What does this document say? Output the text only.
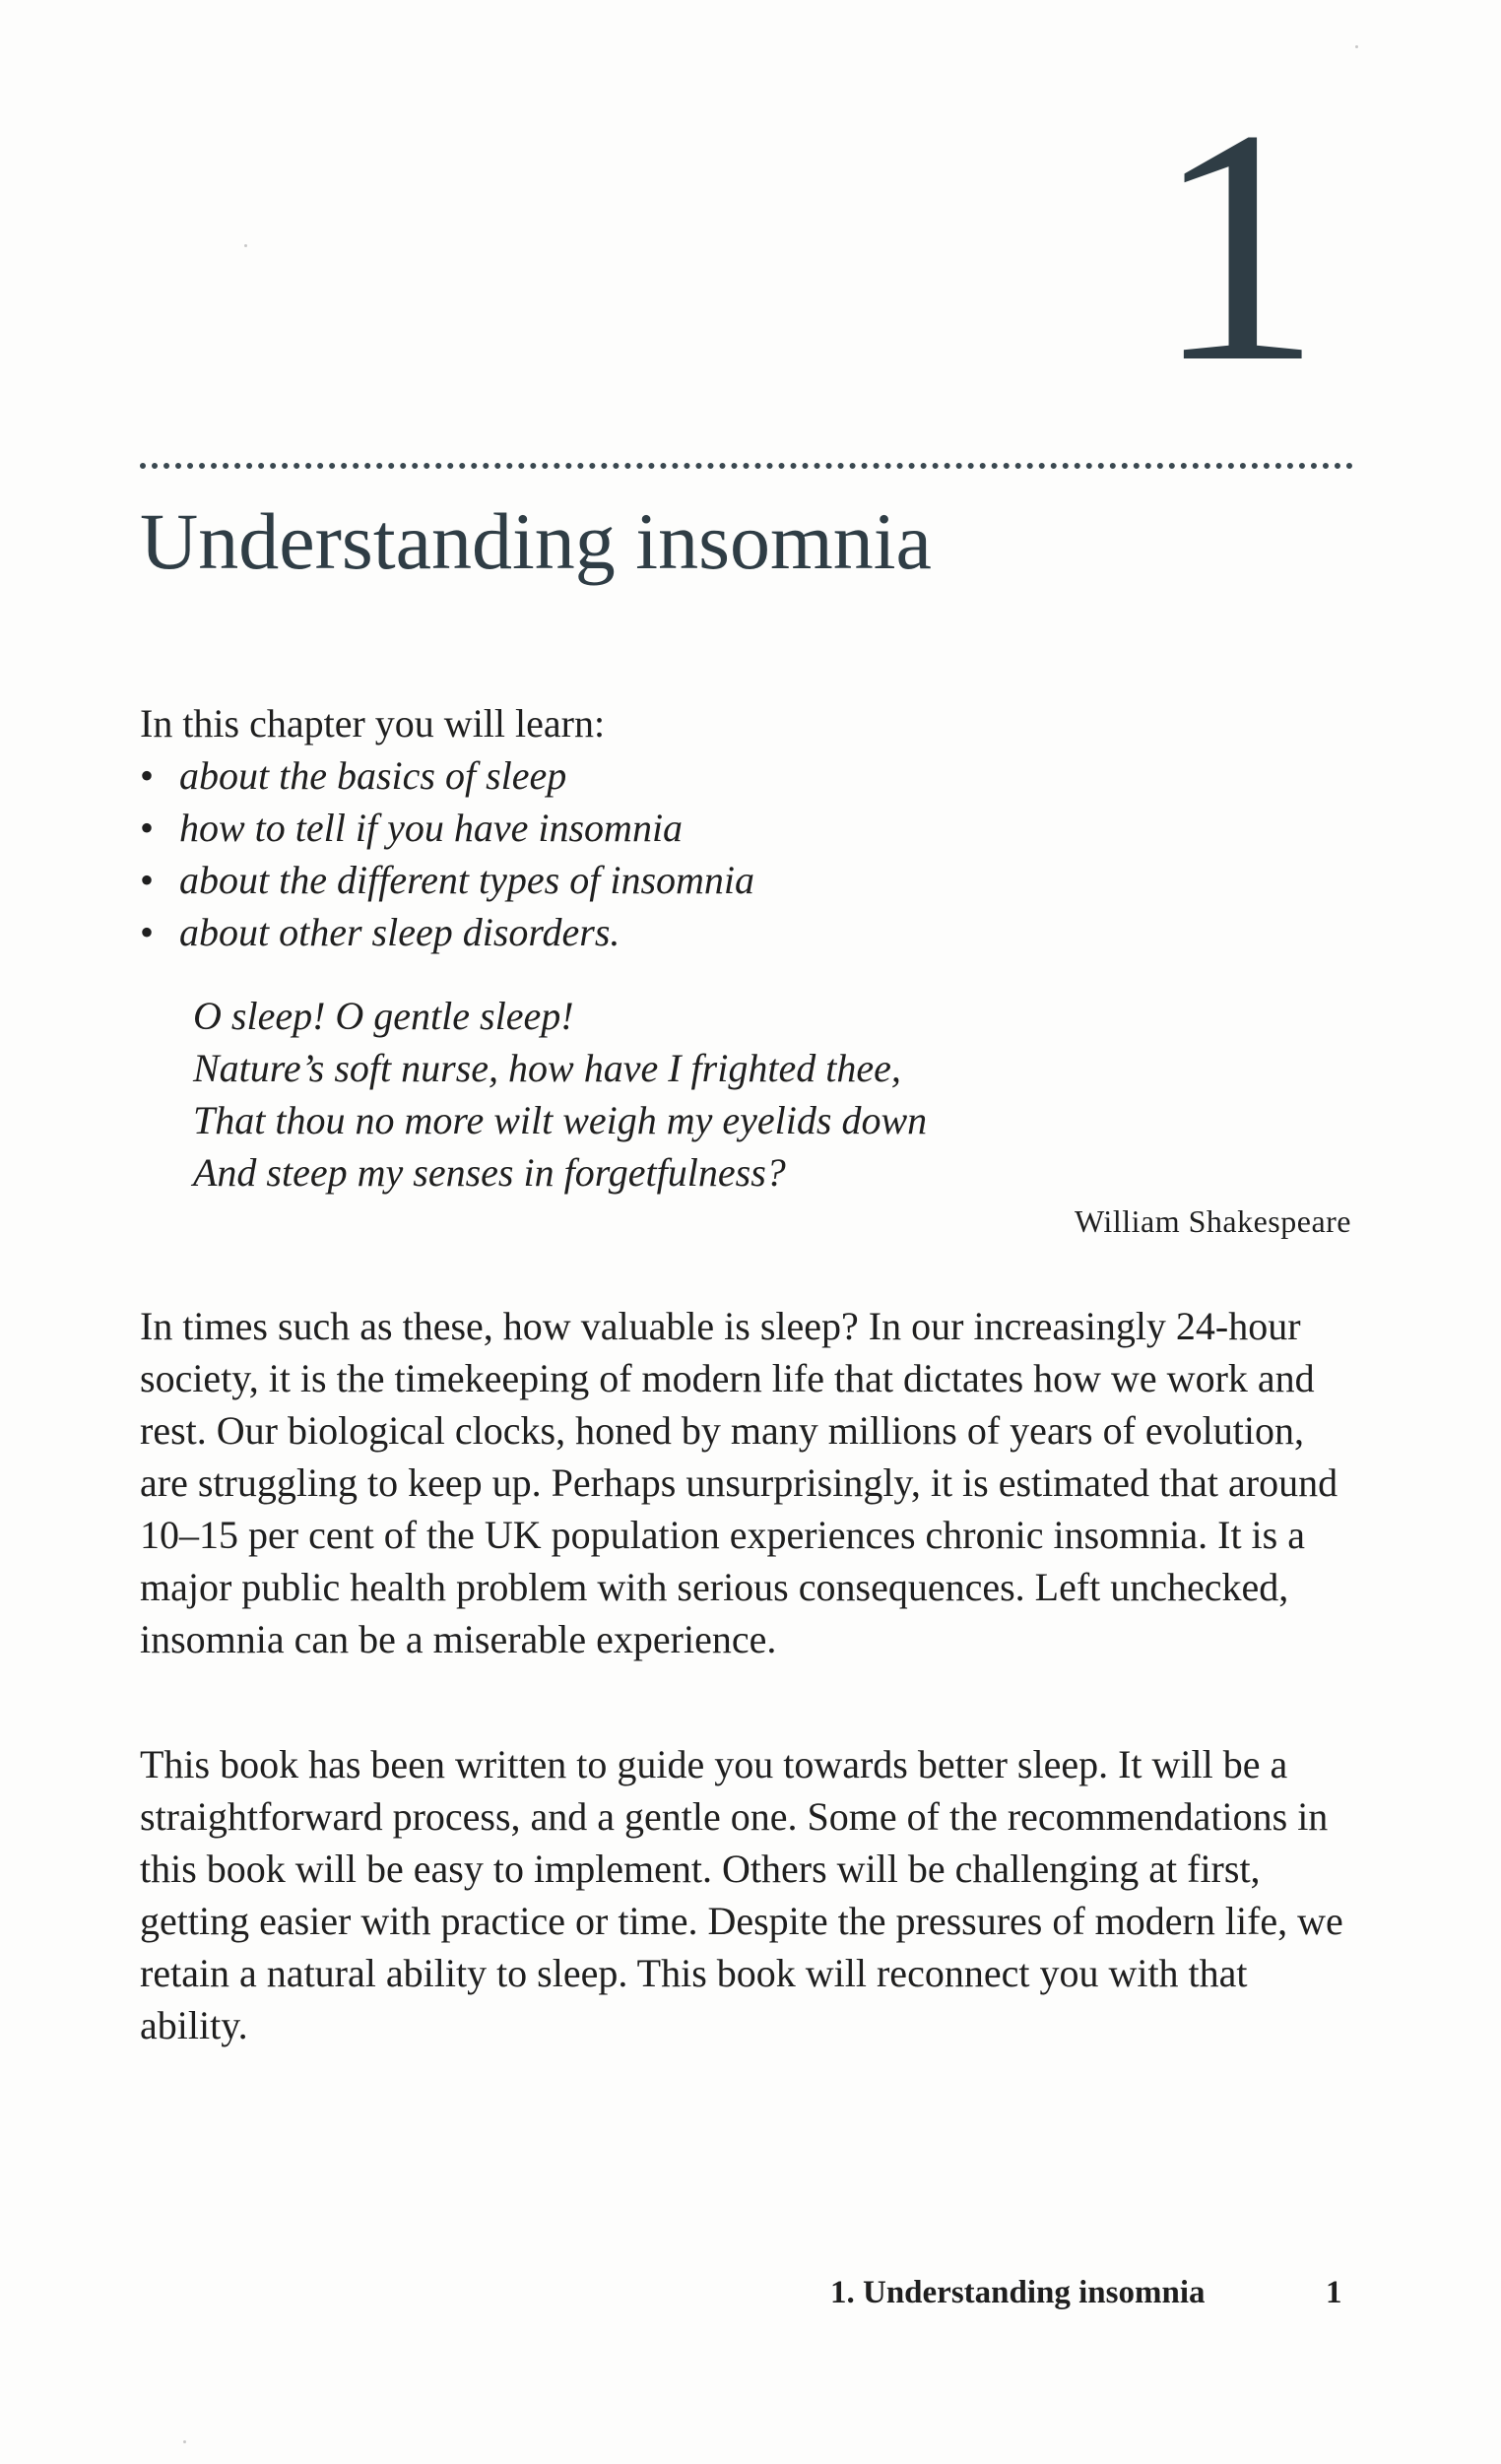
1
Understanding insomnia

In this chapter you will learn:

• about the basics of sleep
• how to tell if you have insomnia
• about the different types of insomnia
• about other sleep disorders.

O sleep! O gentle sleep!

Nature’s soft nurse, how have I frighted thee,

That thou no more wilt weigh my eyelids down

And steep my senses in forgetfulness?

William Shakespeare

In times such as these, how valuable is sleep? In our increasingly 24-hour society, it is the timekeeping of modern life that dictates how we work and rest. Our biological clocks, honed by many millions of years of evolution, are struggling to keep up. Perhaps unsurprisingly, it is estimated that around 10–15 per cent of the UK population experiences chronic insomnia. It is a major public health problem with serious consequences. Left unchecked, insomnia can be a miserable experience.

This book has been written to guide you towards better sleep. It will be a straightforward process, and a gentle one. Some of the recommendations in this book will be easy to implement. Others will be challenging at first, getting easier with practice or time. Despite the pressures of modern life, we retain a natural ability to sleep. This book will reconnect you with that ability.

1. Understanding insomnia	1
